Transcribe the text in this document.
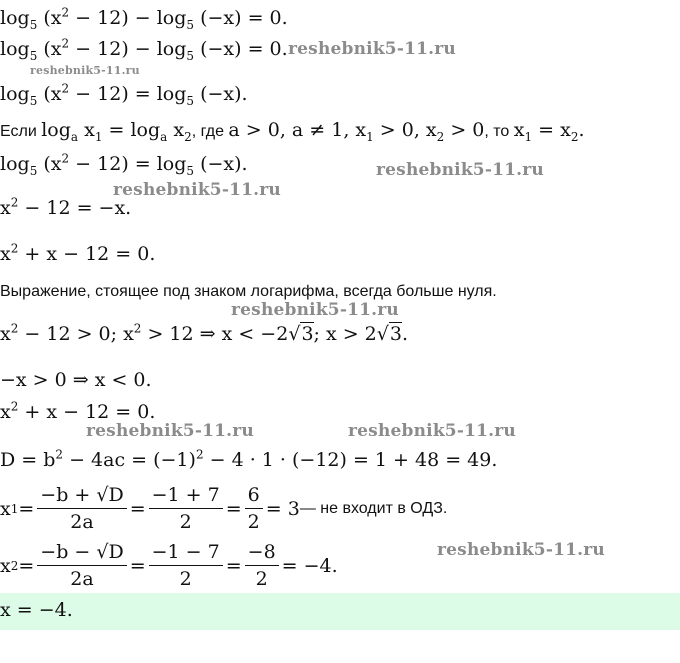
$\log_5 (x^2 - 12) - \log_5 (-x) = 0$.
$\log_5 (x^2 - 12) - \log_5 (-x) = 0$. reshebnik5-11.ru
reshebnik5-11.ru
$\log_5 (x^2 - 12) = \log_5 (-x)$.
Если $\log_a x_1 = \log_a x_2$, где a > 0, a ≠ 1, $x_1 > 0$, $x_2 > 0$, то $x_1 = x_2$.
$\log_5 (x^2 - 12) = \log_5 (-x)$.	reshebnik5-11.ru
reshebnik5-11.ru
$x^2 - 12 = -x$.
$x^2 + x - 12 = 0$.
Выражение, стоящее под знаком логарифма, всегда больше нуля.
reshebnik5-11.ru
$x^2 - 12 > 0$; $x^2 > 12$ ⇒ x < −2√3; x > 2√3.
−x > 0 ⇒ x < 0.
$x^2 + x - 12 = 0$.
reshebnik5-11.ru	reshebnik5-11.ru
$D = b^2 - 4ac = (-1)^2 - 4 \cdot 1 \cdot (-12) = 1 + 48 = 49$.
x $1 = \frac{-b + √D}{2a} = \frac{-1 + 7}{2} = \frac{6}{2} = 3$ — не входит в ОДЗ.
reshebnik5-11.ru
x $2 = \frac{-b - √D}{2a} = \frac{-1 - 7}{2} = \frac{-8}{2} = -4$.
x = −4.
